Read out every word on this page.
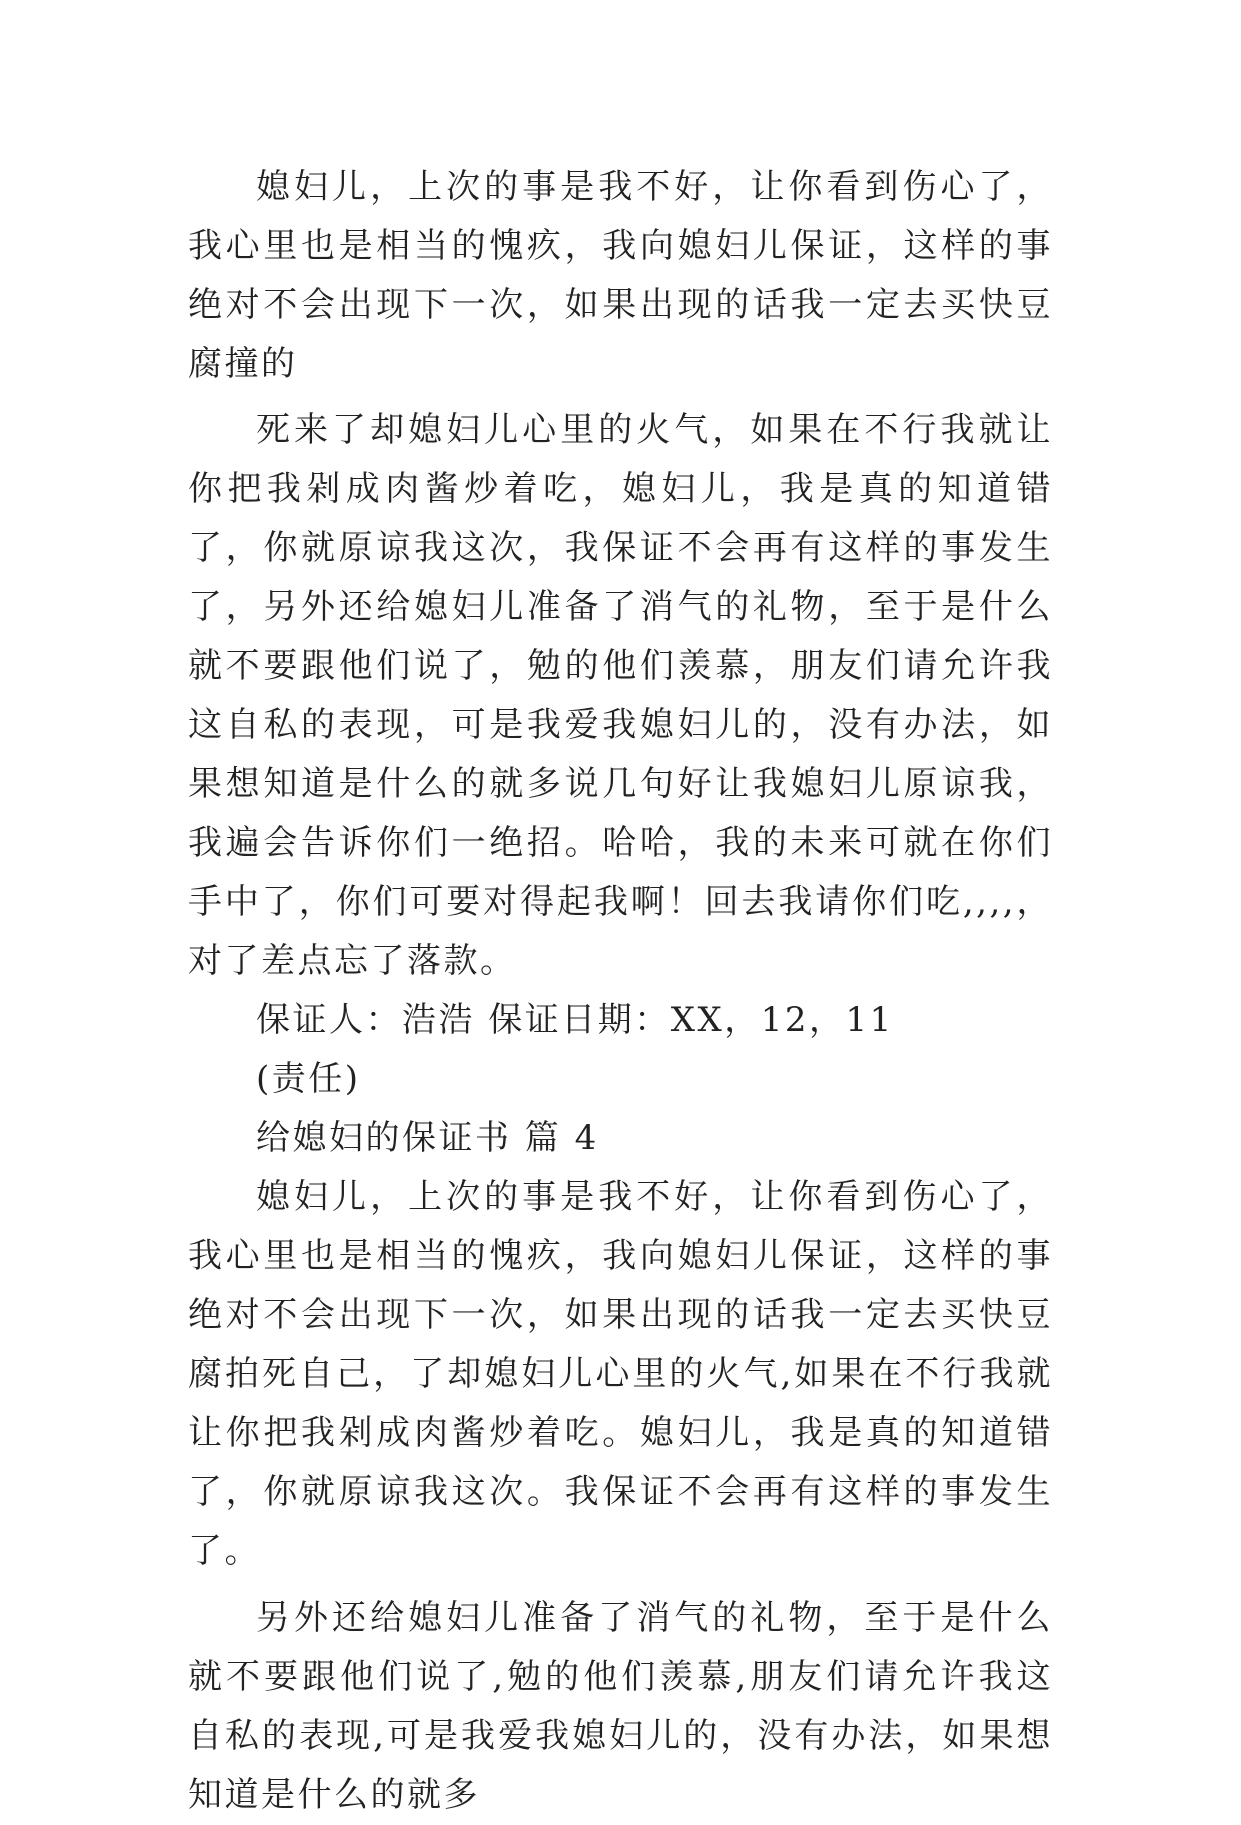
媳妇儿，上次的事是我不好，让你看到伤心了，我心里也是相当的愧疚，我向媳妇儿保证，这样的事绝对不会出现下一次，如果出现的话我一定去买快豆腐撞的

死来了却媳妇儿心里的火气，如果在不行我就让你把我剁成肉酱炒着吃，媳妇儿，我是真的知道错了，你就原谅我这次，我保证不会再有这样的事发生了，另外还给媳妇儿准备了消气的礼物，至于是什么就不要跟他们说了，勉的他们羡慕，朋友们请允许我这自私的表现，可是我爱我媳妇儿的，没有办法，如果想知道是什么的就多说几句好让我媳妇儿原谅我，我遍会告诉你们一绝招。哈哈，我的未来可就在你们手中了，你们可要对得起我啊！回去我请你们吃,,,,，对了差点忘了落款。

保证人：浩浩 保证日期：XX，12，11

(责任)

给媳妇的保证书 篇 4

媳妇儿，上次的事是我不好，让你看到伤心了，我心里也是相当的愧疚，我向媳妇儿保证，这样的事绝对不会出现下一次，如果出现的话我一定去买快豆腐拍死自己，了却媳妇儿心里的火气,如果在不行我就让你把我剁成肉酱炒着吃。媳妇儿，我是真的知道错了，你就原谅我这次。我保证不会再有这样的事发生了。

另外还给媳妇儿准备了消气的礼物，至于是什么就不要跟他们说了,勉的他们羡慕,朋友们请允许我这自私的表现,可是我爱我媳妇儿的，没有办法，如果想知道是什么的就多
